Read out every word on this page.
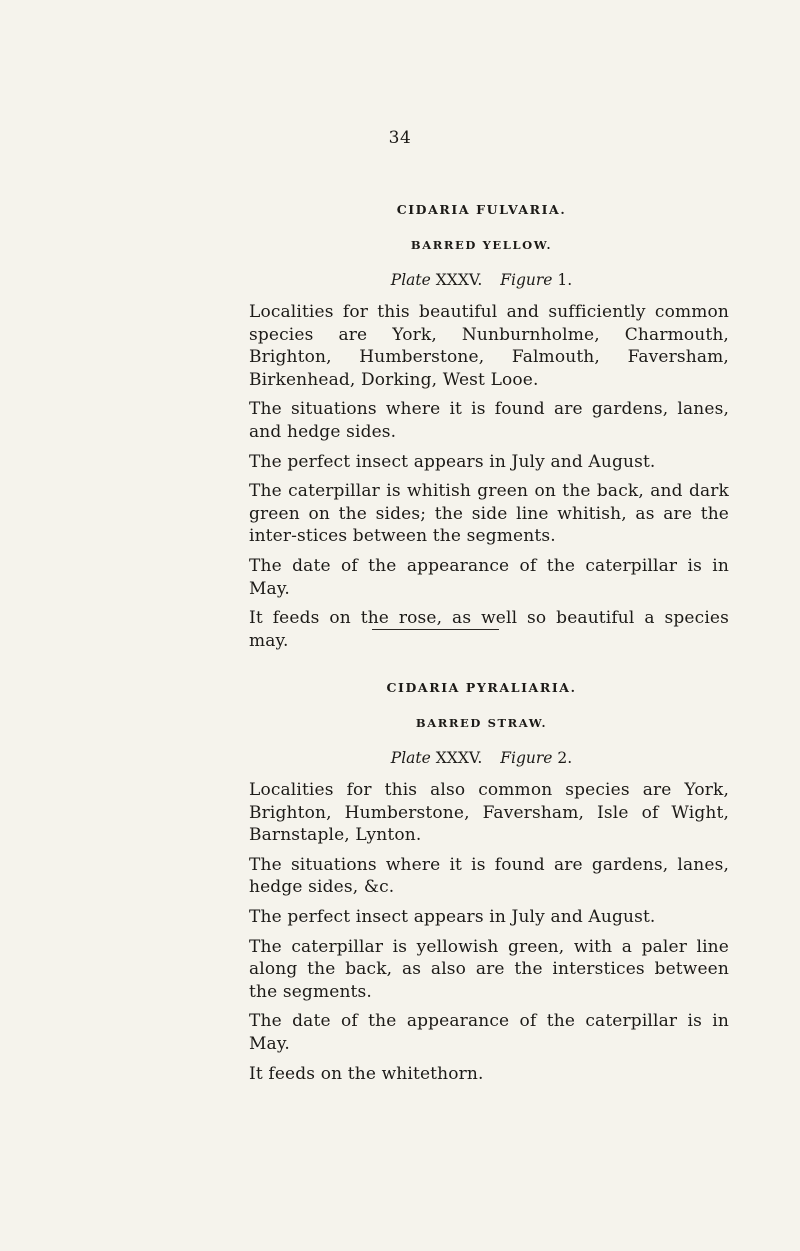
34
CIDARIA FULVARIA.
BARRED YELLOW.

Plate XXXV. Figure 1.

Localities for this beautiful and sufficiently common species are York, Nunburnholme, Charmouth, Brighton, Humberstone, Falmouth, Faversham, Birkenhead, Dorking, West Looe.

The situations where it is found are gardens, lanes, and hedge sides.

The perfect insect appears in July and August.

The caterpillar is whitish green on the back, and dark green on the sides; the side line whitish, as are the inter-stices between the segments.

The date of the appearance of the caterpillar is in May.

It feeds on the rose, as well so beautiful a species may.

CIDARIA PYRALIARIA.
BARRED STRAW.

Plate XXXV. Figure 2.

Localities for this also common species are York, Brighton, Humberstone, Faversham, Isle of Wight, Barnstaple, Lynton.

The situations where it is found are gardens, lanes, hedge sides, &c.

The perfect insect appears in July and August.

The caterpillar is yellowish green, with a paler line along the back, as also are the interstices between the segments.

The date of the appearance of the caterpillar is in May.

It feeds on the whitethorn.
